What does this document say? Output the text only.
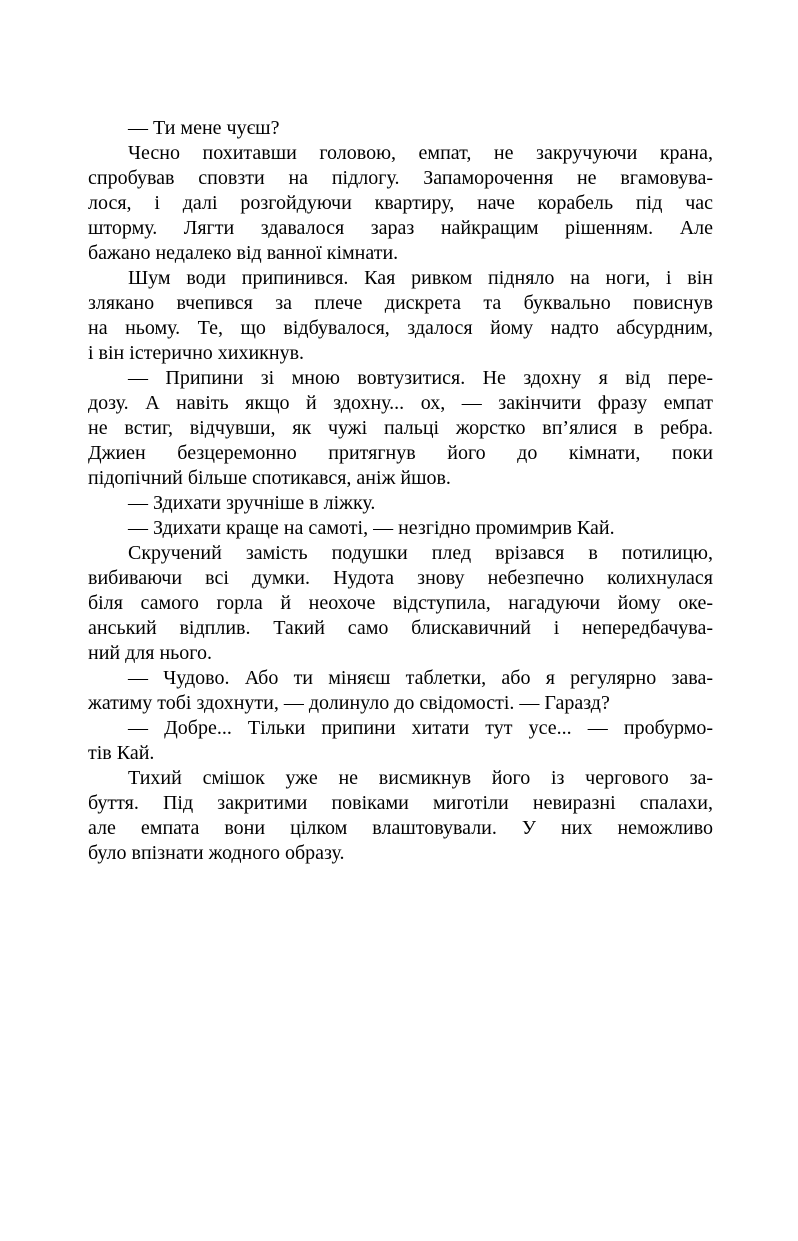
— Ти мене чуєш?

Чесно похитавши головою, емпат, не закручуючи крана,
спробував сповзти на підлогу. Запаморочення не вгамовува-
лося, і далі розгойдуючи квартиру, наче корабель під час
шторму. Лягти здавалося зараз найкращим рішенням. Але
бажано недалеко від ванної кімнати.

Шум води припинився. Кая ривком підняло на ноги, і він
злякано вчепився за плече дискрета та буквально повиснув
на ньому. Те, що відбувалося, здалося йому надто абсурдним,
і він істерично хихикнув.

— Припини зі мною вовтузитися. Не здохну я від пере-
дозу. А навіть якщо й здохну... ох, — закінчити фразу емпат
не встиг, відчувши, як чужі пальці жорстко вп’ялися в ребра.
Джиен безцеремонно притягнув його до кімнати, поки
підопічний більше спотикався, аніж йшов.

— Здихати зручніше в ліжку.

— Здихати краще на самоті, — незгідно промимрив Кай.

Скручений замість подушки плед врізався в потилицю,
вибиваючи всі думки. Нудота знову небезпечно колихнулася
біля самого горла й неохоче відступила, нагадуючи йому оке-
анський відплив. Такий само блискавичний і непередбачува-
ний для нього.

— Чудово. Або ти міняєш таблетки, або я регулярно зава-
жатиму тобі здохнути, — долинуло до свідомості. — Гаразд?

— Добре... Тільки припини хитати тут усе... — пробурмо-
тів Кай.

Тихий смішок уже не висмикнув його із чергового за-
буття. Під закритими повіками миготіли невиразні спалахи,
але емпата вони цілком влаштовували. У них неможливо
було впізнати жодного образу.
